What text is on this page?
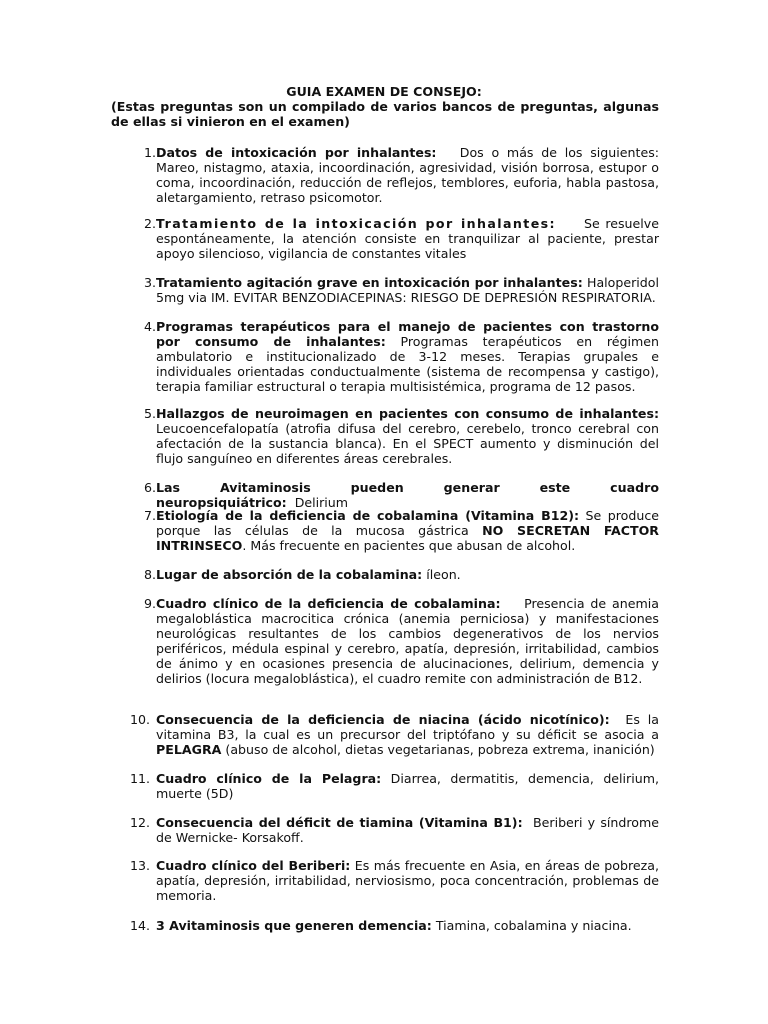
GUIA EXAMEN DE CONSEJO:
(Estas preguntas son un compilado de varios bancos de preguntas, algunas de ellas si vinieron en el examen)
1. Datos de intoxicación por inhalantes: Dos o más de los siguientes: Mareo, nistagmo, ataxia, incoordinación, agresividad, visión borrosa, estupor o coma, incoordinación, reducción de reflejos, temblores, euforia, habla pastosa, aletargamiento, retraso psicomotor.
2. Tratamiento de la intoxicación por inhalantes: Se resuelve espontáneamente, la atención consiste en tranquilizar al paciente, prestar apoyo silencioso, vigilancia de constantes vitales
3. Tratamiento agitación grave en intoxicación por inhalantes: Haloperidol 5mg via IM. EVITAR BENZODIACEPINAS: RIESGO DE DEPRESIÓN RESPIRATORIA.
4. Programas terapéuticos para el manejo de pacientes con trastorno por consumo de inhalantes: Programas terapéuticos en régimen ambulatorio e institucionalizado de 3-12 meses. Terapias grupales e individuales orientadas conductualmente (sistema de recompensa y castigo), terapia familiar estructural o terapia multisistémica, programa de 12 pasos.
5. Hallazgos de neuroimagen en pacientes con consumo de inhalantes: Leucoencefalopatía (atrofia difusa del cerebro, cerebelo, tronco cerebral con afectación de la sustancia blanca). En el SPECT aumento y disminución del flujo sanguíneo en diferentes áreas cerebrales.
6. Las Avitaminosis pueden generar este cuadro neuropsiquiátrico: Delirium
7. Etiología de la deficiencia de cobalamina (Vitamina B12): Se produce porque las células de la mucosa gástrica NO SECRETAN FACTOR INTRINSECO. Más frecuente en pacientes que abusan de alcohol.
8. Lugar de absorción de la cobalamina: íleon.
9. Cuadro clínico de la deficiencia de cobalamina: Presencia de anemia megaloblástica macrocitica crónica (anemia perniciosa) y manifestaciones neurológicas resultantes de los cambios degenerativos de los nervios periféricos, médula espinal y cerebro, apatía, depresión, irritabilidad, cambios de ánimo y en ocasiones presencia de alucinaciones, delirium, demencia y delirios (locura megaloblástica), el cuadro remite con administración de B12.
10. Consecuencia de la deficiencia de niacina (ácido nicotínico): Es la vitamina B3, la cual es un precursor del triptófano y su déficit se asocia a PELAGRA (abuso de alcohol, dietas vegetarianas, pobreza extrema, inanición)
11. Cuadro clínico de la Pelagra: Diarrea, dermatitis, demencia, delirium, muerte (5D)
12. Consecuencia del déficit de tiamina (Vitamina B1): Beriberi y síndrome de Wernicke- Korsakoff.
13. Cuadro clínico del Beriberi: Es más frecuente en Asia, en áreas de pobreza, apatía, depresión, irritabilidad, nerviosismo, poca concentración, problemas de memoria.
14. 3 Avitaminosis que generen demencia: Tiamina, cobalamina y niacina.
